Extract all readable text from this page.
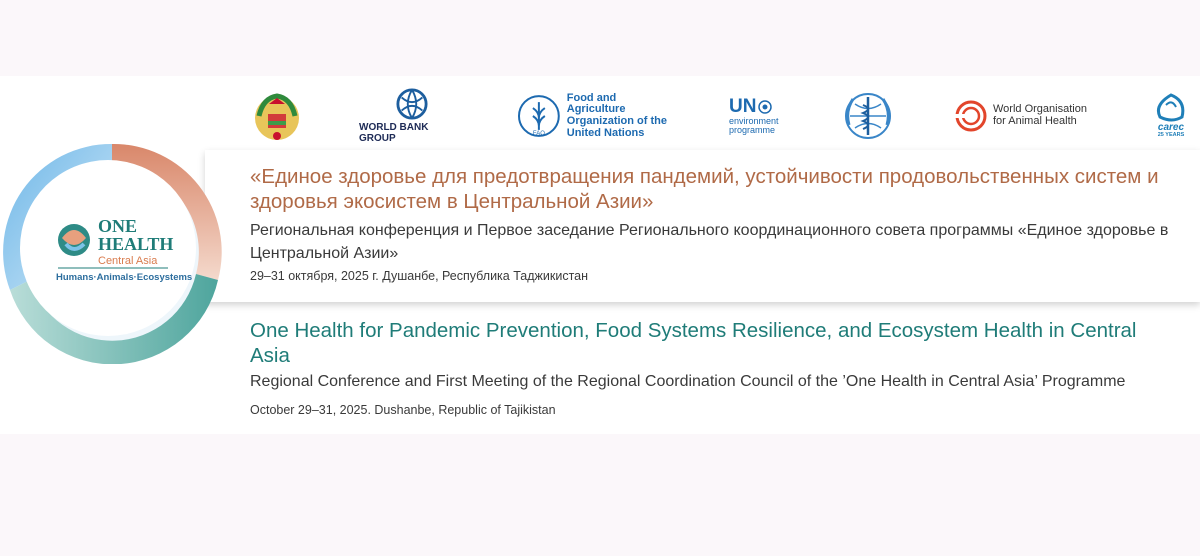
ONE
HEALTH
Central Asia
Humans·Animals·Ecosystems
WORLD BANK GROUP	FAO
Food and Agriculture
Organization of the
United Nations
UN
environment
programme
World Organisation
for Animal Health
carec
25 YEARS
«Единое здоровье для предотвращения пандемий, устойчивости продовольственных систем и здоровья экосистем в Центральной Азии»
Региональная конференция и Первое заседание Регионального координационного совета программы «Единое здоровье в Центральной Азии»
29–31 октября, 2025 г. Душанбе, Республика Таджикистан
One Health for Pandemic Prevention, Food Systems Resilience, and Ecosystem Health in Central Asia
Regional Conference and First Meeting of the Regional Coordination Council of the ’One Health in Central Asia’ Programme
October 29–31, 2025. Dushanbe, Republic of Tajikistan
